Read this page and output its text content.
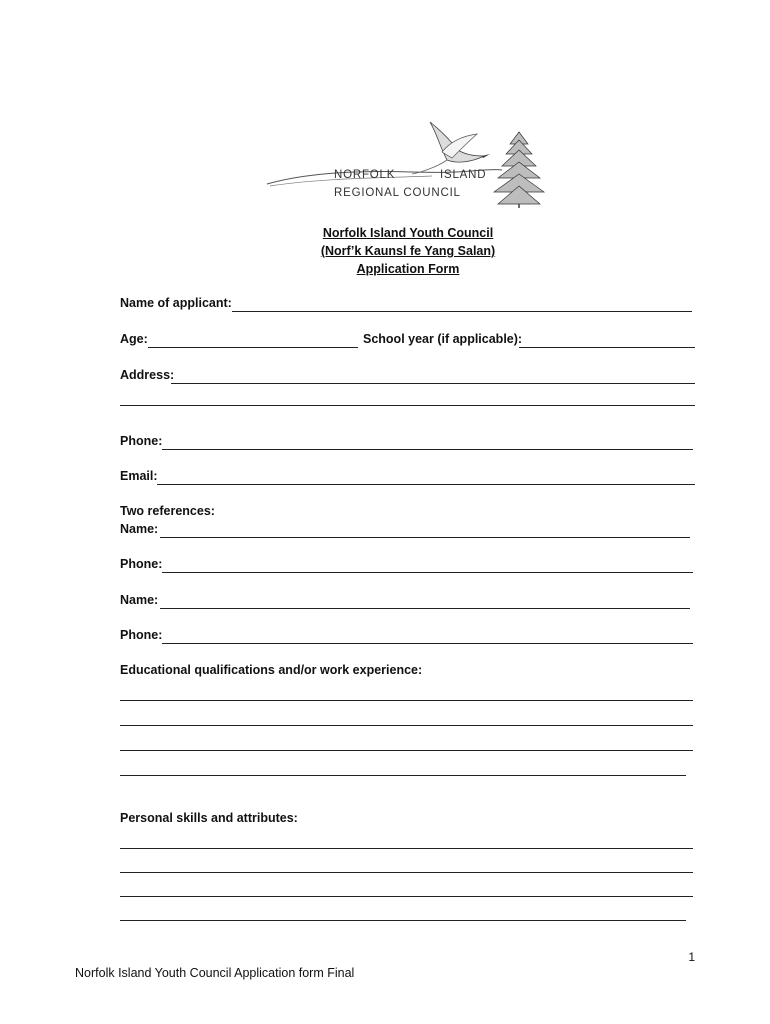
NORFOLK	ISLAND
REGIONAL COUNCIL
Norfolk Island Youth Council
(Norf’k Kaunsl fe Yang Salan)
Application Form
Name of applicant:
Age:	School year (if applicable):
Address:
Phone:
Email:
Two references:
Name:
Phone:
Name:
Phone:
Educational qualifications and/or work experience:
Personal skills and attributes:
1
Norfolk Island Youth Council Application form Final
